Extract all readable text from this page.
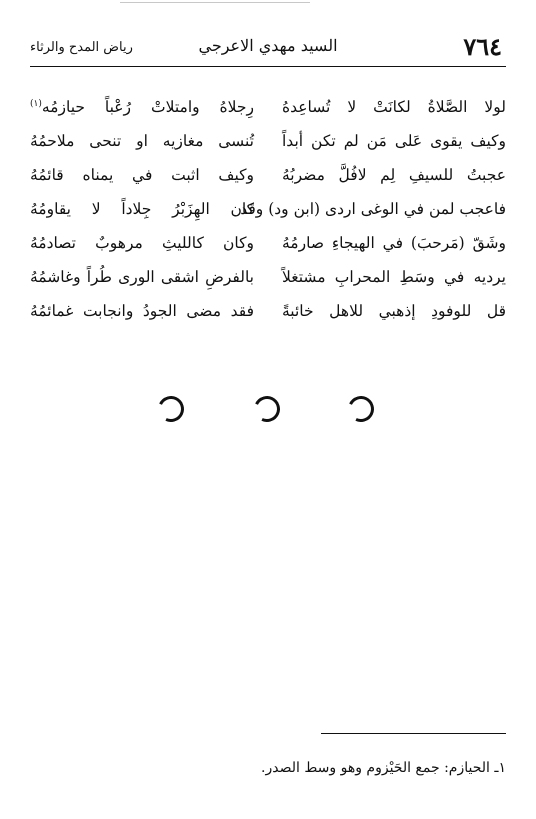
٧٦٤
السيد مهدي الاعرجي
رياض المدح والرثاء
لولا الصَّلاةُ لكانَتْ لا تُساعِدهُ
رِجلاهُ وامتلاتْ رُعْباً حيازمُه$^{(١)}$
وكيف يقوى عَلى مَن لم تكن أبداً
تُنسى مغازيه او تنحى ملاحمُهُ
عجبتُ للسيفِ لِم لافُلَّ مضربُهُ
وكيف اثبت في يمناه قائمُهُ
فاعجب لمن في الوغى اردى (ابن ود) وقد
كان الهِزَبْرُ جِلاداً لا يقاومُهُ
وشَقّ (مَرحبَ) في الهيجاءِ صارمُهُ
وكان كالليثِ مرهوبٌ تصادمُهُ
يرديه في وسَطِ المحرابِ مشتغلاً
بالفرضِ اشقى الورى طُراً وغاشمُهُ
قل للوفودِ إذهبي للاهل خائبةً
فقد مضى الجودُ وانجابت غمائمُهُ
١ـ الحيازم: جمع الحَيْزوم وهو وسط الصدر.
